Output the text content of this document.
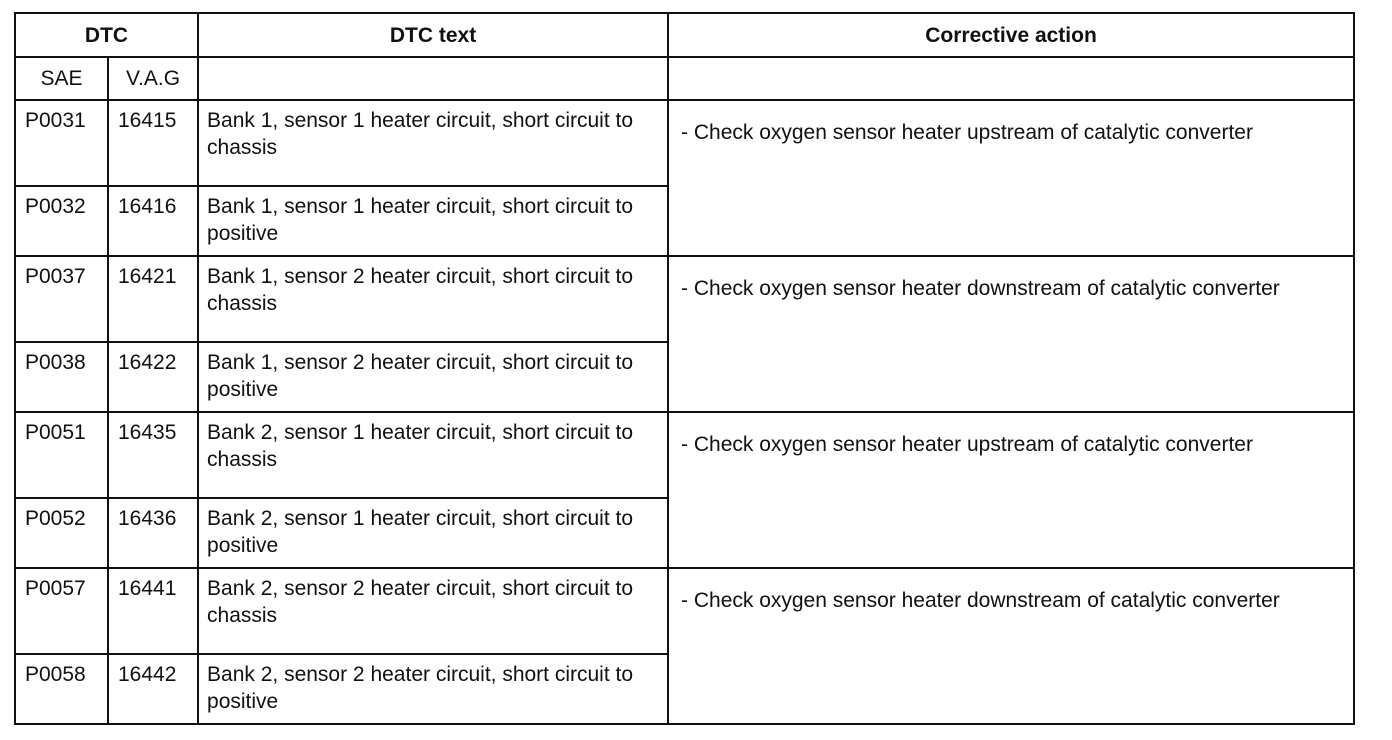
DTC		DTC text	Corrective action
SAE	V.A.G		
P0031	16415	Bank 1, sensor 1 heater circuit, short circuit to chassis	- Check oxygen sensor heater upstream of catalytic converter
P0032	16416	Bank 1, sensor 1 heater circuit, short circuit to positive	
P0037	16421	Bank 1, sensor 2 heater circuit, short circuit to chassis	- Check oxygen sensor heater downstream of catalytic converter
P0038	16422	Bank 1, sensor 2 heater circuit, short circuit to positive	
P0051	16435	Bank 2, sensor 1 heater circuit, short circuit to chassis	- Check oxygen sensor heater upstream of catalytic converter
P0052	16436	Bank 2, sensor 1 heater circuit, short circuit to positive	
P0057	16441	Bank 2, sensor 2 heater circuit, short circuit to chassis	- Check oxygen sensor heater downstream of catalytic converter
P0058	16442	Bank 2, sensor 2 heater circuit, short circuit to positive	
